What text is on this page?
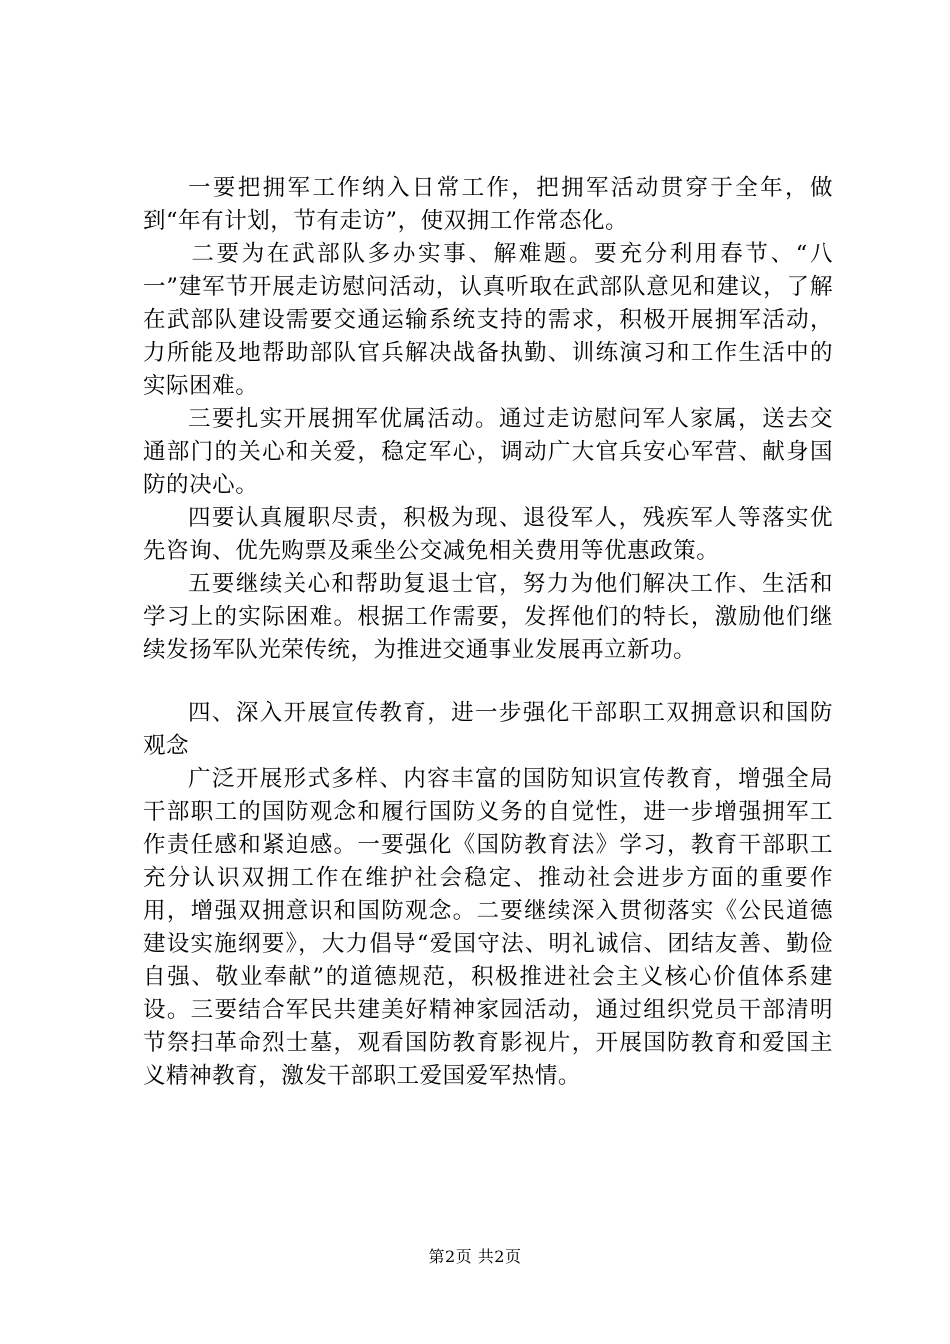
一要把拥军工作纳入日常工作，把拥军活动贯穿于全年，做到“年有计划，节有走访”，使双拥工作常态化。

二要为在武部队多办实事、解难题。要充分利用春节、“八一”建军节开展走访慰问活动，认真听取在武部队意见和建议，了解在武部队建设需要交通运输系统支持的需求，积极开展拥军活动，力所能及地帮助部队官兵解决战备执勤、训练演习和工作生活中的实际困难。

三要扎实开展拥军优属活动。通过走访慰问军人家属，送去交通部门的关心和关爱，稳定军心，调动广大官兵安心军营、献身国防的决心。

四要认真履职尽责，积极为现、退役军人，残疾军人等落实优先咨询、优先购票及乘坐公交减免相关费用等优惠政策。

五要继续关心和帮助复退士官，努力为他们解决工作、生活和学习上的实际困难。根据工作需要，发挥他们的特长，激励他们继续发扬军队光荣传统，为推进交通事业发展再立新功。

四、深入开展宣传教育，进一步强化干部职工双拥意识和国防观念

广泛开展形式多样、内容丰富的国防知识宣传教育，增强全局干部职工的国防观念和履行国防义务的自觉性，进一步增强拥军工作责任感和紧迫感。一要强化《国防教育法》学习，教育干部职工充分认识双拥工作在维护社会稳定、推动社会进步方面的重要作用，增强双拥意识和国防观念。二要继续深入贯彻落实《公民道德建设实施纲要》，大力倡导“爱国守法、明礼诚信、团结友善、勤俭自强、敬业奉献”的道德规范，积极推进社会主义核心价值体系建设。三要结合军民共建美好精神家园活动，通过组织党员干部清明节祭扫革命烈士墓，观看国防教育影视片，开展国防教育和爱国主义精神教育，激发干部职工爱国爱军热情。

第2页 共2页
